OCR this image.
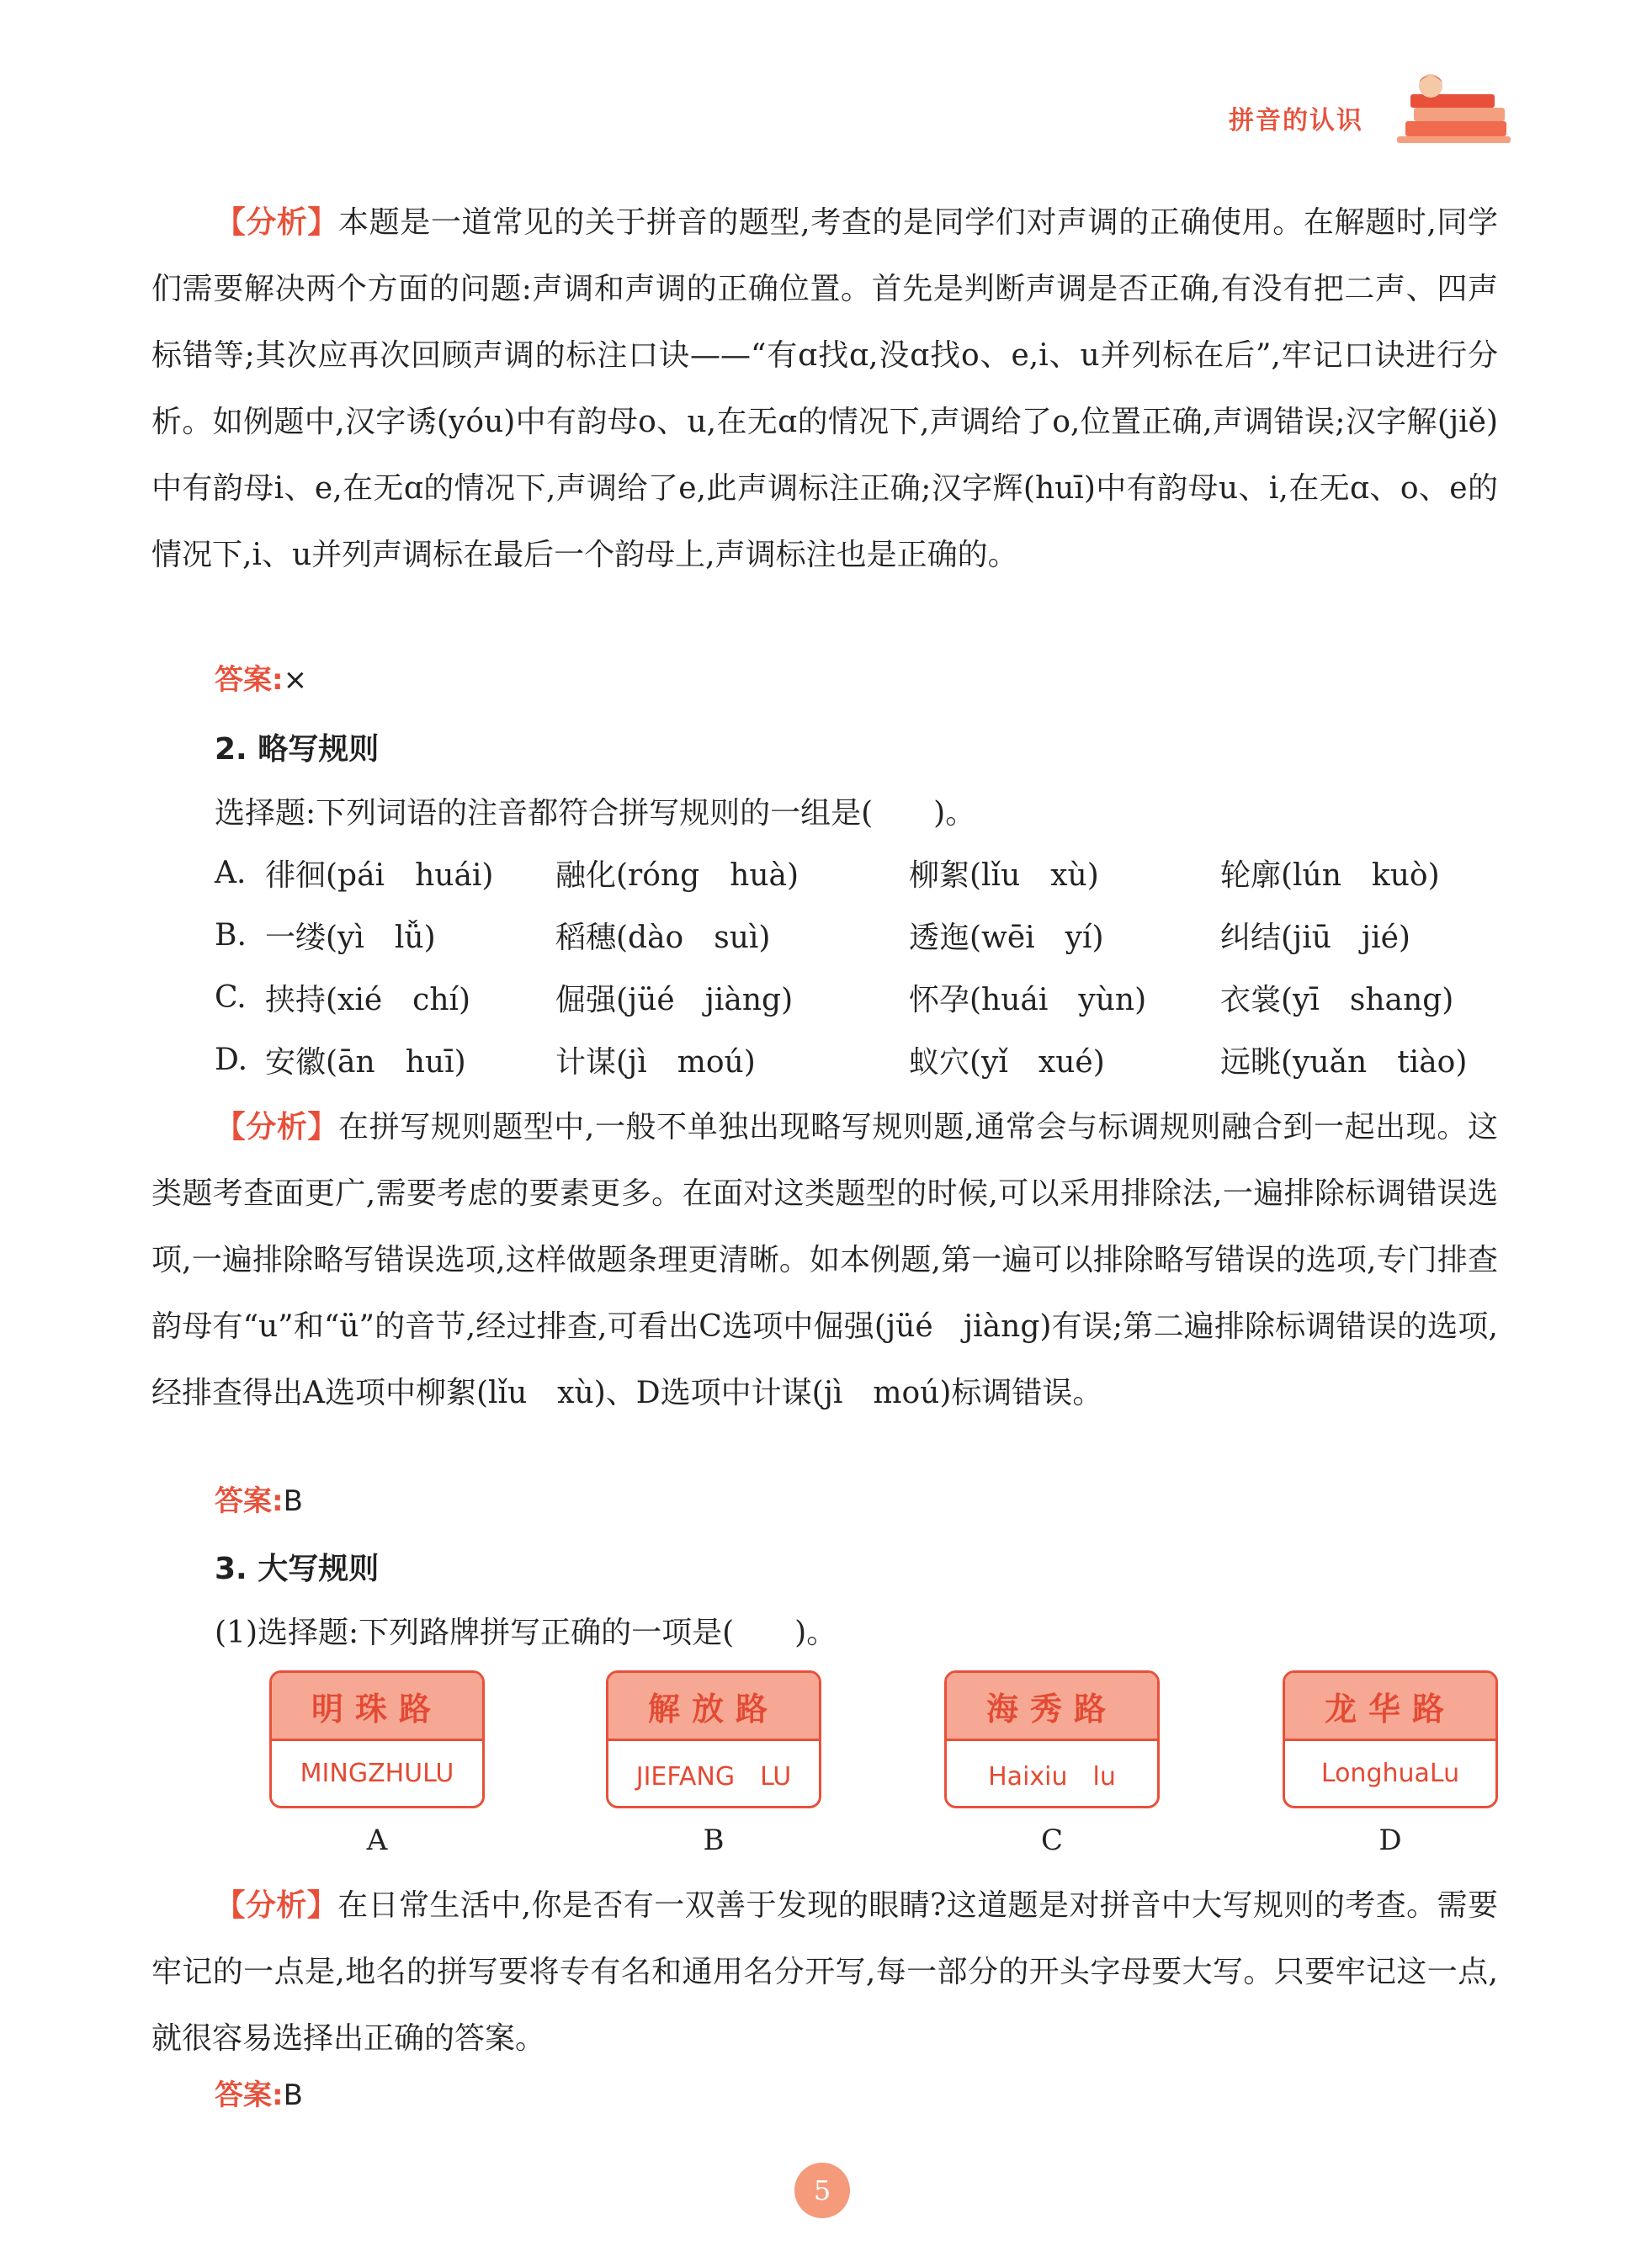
拼音的认识
【分析】本题是一道常见的关于拼音的题型,考查的是同学们对声调的正确使用。在解题时,同学们需要解决两个方面的问题:声调和声调的正确位置。首先是判断声调是否正确,有没有把二声、四声标错等;其次应再次回顾声调的标注口诀——“有ɑ找ɑ,没ɑ找o、e,i、u并列标在后”,牢记口诀进行分析。如例题中,汉字诱(yóu)中有韵母o、u,在无ɑ的情况下,声调给了o,位置正确,声调错误;汉字解(jiě)中有韵母i、e,在无ɑ的情况下,声调给了e,此声调标注正确;汉字辉(huī)中有韵母u、i,在无ɑ、o、e的情况下,i、u并列声调标在最后一个韵母上,声调标注也是正确的。
答案:×
2. 略写规则
选择题:下列词语的注音都符合拼写规则的一组是(　　)。
A. 徘徊(pái　huái)	融化(róng　huà)	柳絮(lǐu　xù)	轮廓(lún　kuò)
B. 一缕(yì　lǚ)	稻穗(dào　suì)	透迤(wēi　yí)	纠结(jiū　jié)
C. 挟持(xié　chí)	倔强(jüé　jiàng)	怀孕(huái　yùn)	衣裳(yī　shang)
D. 安徽(ān　huī)	计谋(jì　moú)	蚁穴(yǐ　xué)	远眺(yuǎn　tiào)
【分析】在拼写规则题型中,一般不单独出现略写规则题,通常会与标调规则融合到一起出现。这类题考查面更广,需要考虑的要素更多。在面对这类题型的时候,可以采用排除法,一遍排除标调错误选项,一遍排除略写错误选项,这样做题条理更清晰。如本例题,第一遍可以排除略写错误的选项,专门排查韵母有“u”和“ü”的音节,经过排查,可看出C选项中倔强(jüé　jiàng)有误;第二遍排除标调错误的选项,经排查得出A选项中柳絮(lǐu　xù)、D选项中计谋(jì　moú)标调错误。
答案:B
3. 大写规则
(1)选择题:下列路牌拼写正确的一项是(　　)。
明珠路
MINGZHULU
A
解放路
JIEFANG　LU
B
海秀路
Haixiu　lu
C
龙华路
LonghuaLu
D
【分析】在日常生活中,你是否有一双善于发现的眼睛?这道题是对拼音中大写规则的考查。需要牢记的一点是,地名的拼写要将专有名和通用名分开写,每一部分的开头字母要大写。只要牢记这一点,就很容易选择出正确的答案。
答案:B
5
